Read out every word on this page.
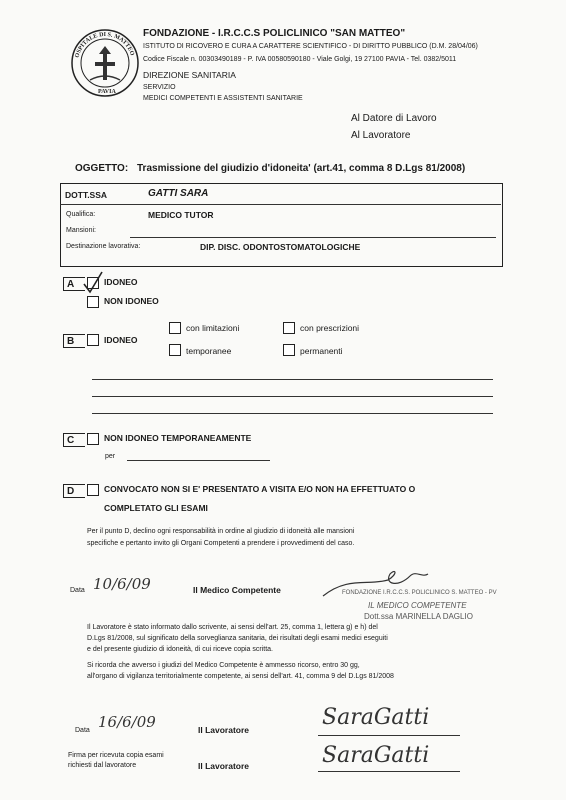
OSPITALE DI S. MATTEO
PAVIA
FONDAZIONE - I.R.C.C.S POLICLINICO "SAN MATTEO"
ISTITUTO DI RICOVERO E CURA A CARATTERE SCIENTIFICO - DI DIRITTO PUBBLICO (D.M. 28/04/06)
Codice Fiscale n. 00303490189 - P. IVA 00580590180 - Viale Golgi, 19 27100 PAVIA - Tel. 0382/5011
DIREZIONE SANITARIA
SERVIZIO
MEDICI COMPETENTI E ASSISTENTI SANITARIE
Al Datore di Lavoro
Al Lavoratore
OGGETTO: Trasmissione del giudizio d'idoneita' (art.41, comma 8 D.Lgs 81/2008)
DOTT.SSA	GATTI SARA
Qualifica:	MEDICO TUTOR
Mansioni:
Destinazione lavorativa:	DIP. DISC. ODONTOSTOMATOLOGICHE
A	IDONEO
NON IDONEO
B	IDONEO
con limitazioni	con prescrizioni
temporanee	permanenti
C	NON IDONEO TEMPORANEAMENTE
per
D	CONVOCATO NON SI E' PRESENTATO A VISITA E/O NON HA EFFETTUATO O
COMPLETATO GLI ESAMI
Per il punto D, declino ogni responsabilità in ordine al giudizio di idoneità alle mansioni
specifiche e pertanto invito gli Organi Competenti a prendere i provvedimenti del caso.
Data 10/6/09	Il Medico Competente	FONDAZIONE I.R.C.C.S. POLICLINICO S. MATTEO - PV
IL MEDICO COMPETENTE
Dott.ssa MARINELLA DAGLIO
Il Lavoratore è stato informato dallo scrivente, ai sensi dell'art. 25, comma 1, lettera g) e h) del
D.Lgs 81/2008, sul significato della sorveglianza sanitaria, dei risultati degli esami medici eseguiti
e del presente giudizio di idoneità, di cui riceve copia scritta.
Si ricorda che avverso i giudizi del Medico Competente è ammesso ricorso, entro 30 gg,
all'organo di vigilanza territorialmente competente, ai sensi dell'art. 41, comma 9 del D.Lgs 81/2008
Data 16/6/09	Il Lavoratore	SaraGatti
Firma per ricevuta copia esami
richiesti dal lavoratore	Il Lavoratore	SaraGatti
